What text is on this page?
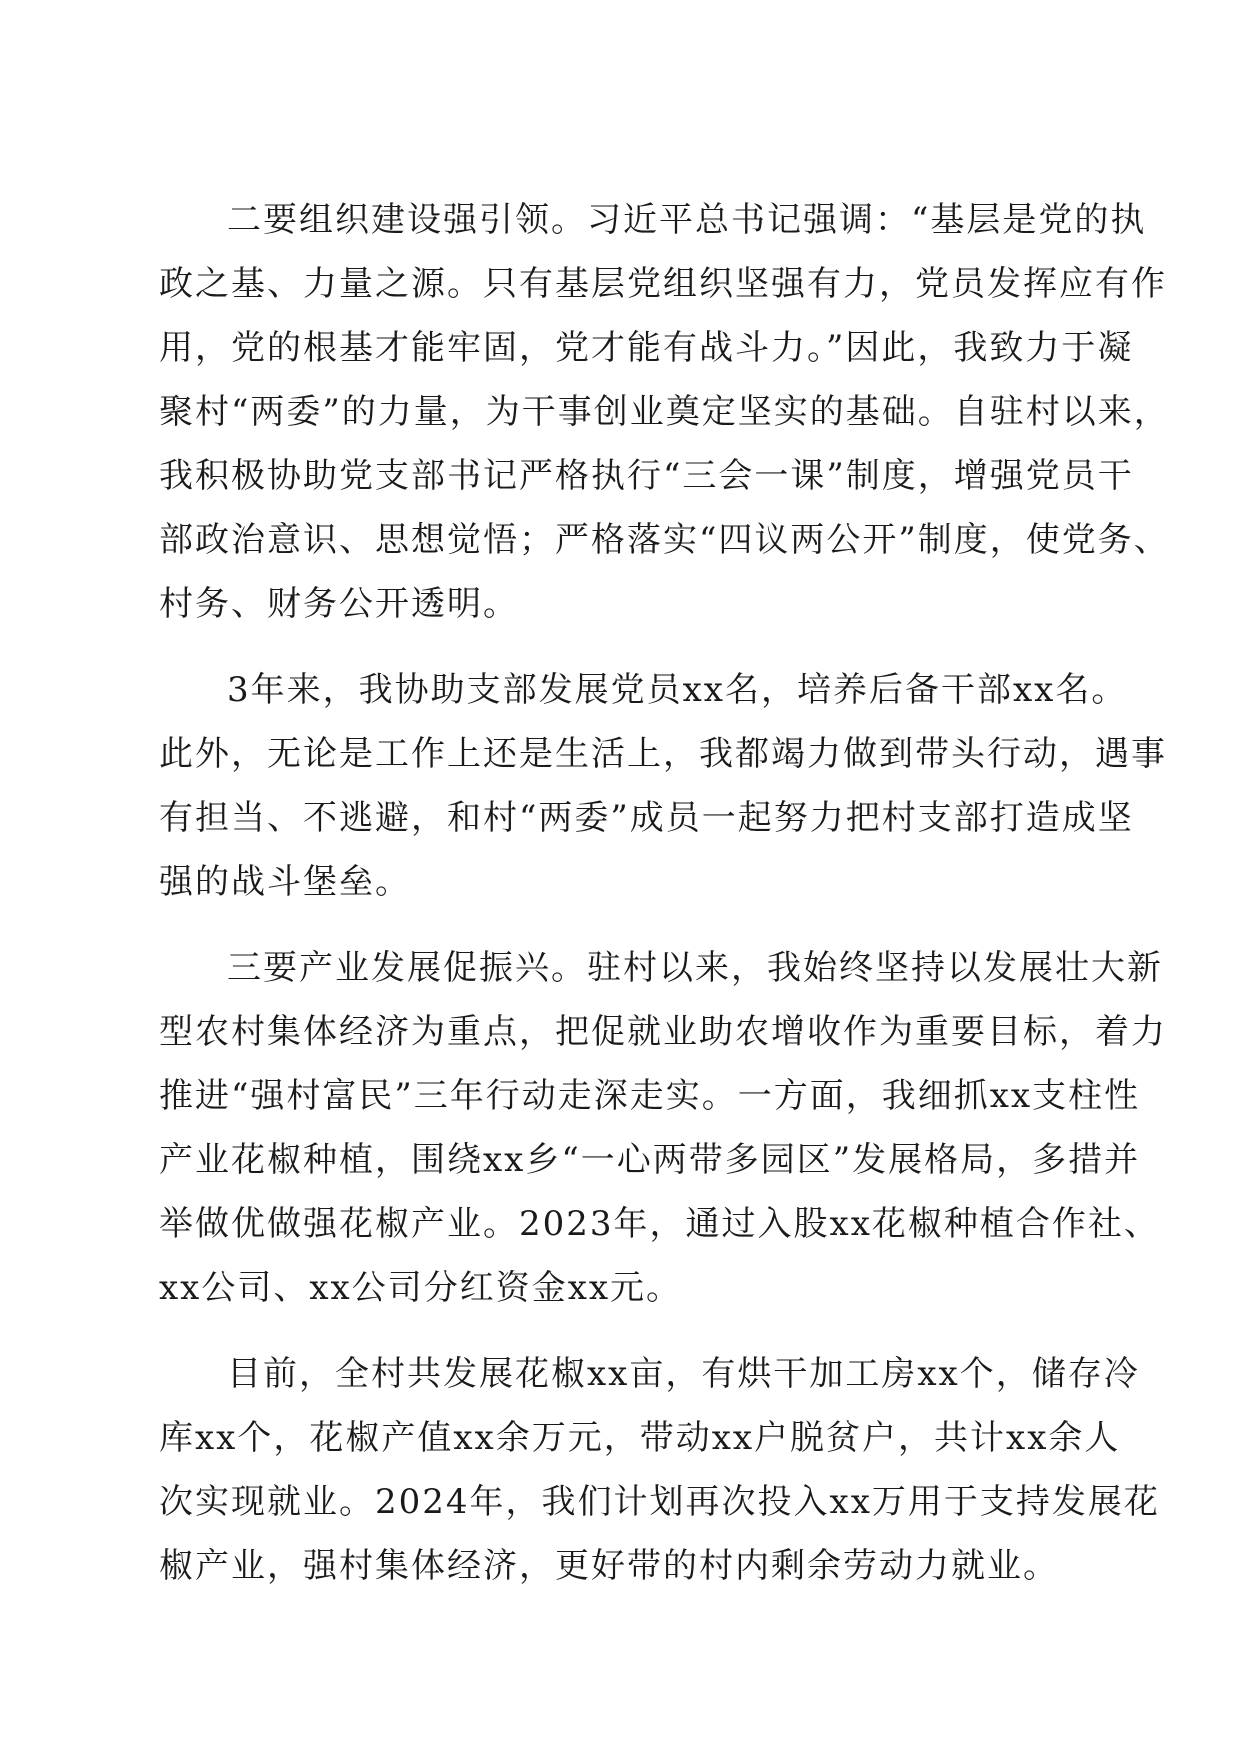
二要组织建设强引领。习近平总书记强调：“基层是党的执
政之基、力量之源。只有基层党组织坚强有力，党员发挥应有作
用，党的根基才能牢固，党才能有战斗力。”因此，我致力于凝
聚村“两委”的力量，为干事创业奠定坚实的基础。自驻村以来，
我积极协助党支部书记严格执行“三会一课”制度，增强党员干
部政治意识、思想觉悟；严格落实“四议两公开”制度，使党务、
村务、财务公开透明。
3年来，我协助支部发展党员xx名，培养后备干部xx名。
此外，无论是工作上还是生活上，我都竭力做到带头行动，遇事
有担当、不逃避，和村“两委”成员一起努力把村支部打造成坚
强的战斗堡垒。
三要产业发展促振兴。驻村以来，我始终坚持以发展壮大新
型农村集体经济为重点，把促就业助农增收作为重要目标，着力
推进“强村富民”三年行动走深走实。一方面，我细抓xx支柱性
产业花椒种植，围绕xx乡“一心两带多园区”发展格局，多措并
举做优做强花椒产业。2023年，通过入股xx花椒种植合作社、
xx公司、xx公司分红资金xx元。
目前，全村共发展花椒xx亩，有烘干加工房xx个，储存冷
库xx个，花椒产值xx余万元，带动xx户脱贫户，共计xx余人
次实现就业。2024年，我们计划再次投入xx万用于支持发展花
椒产业，强村集体经济，更好带的村内剩余劳动力就业。
